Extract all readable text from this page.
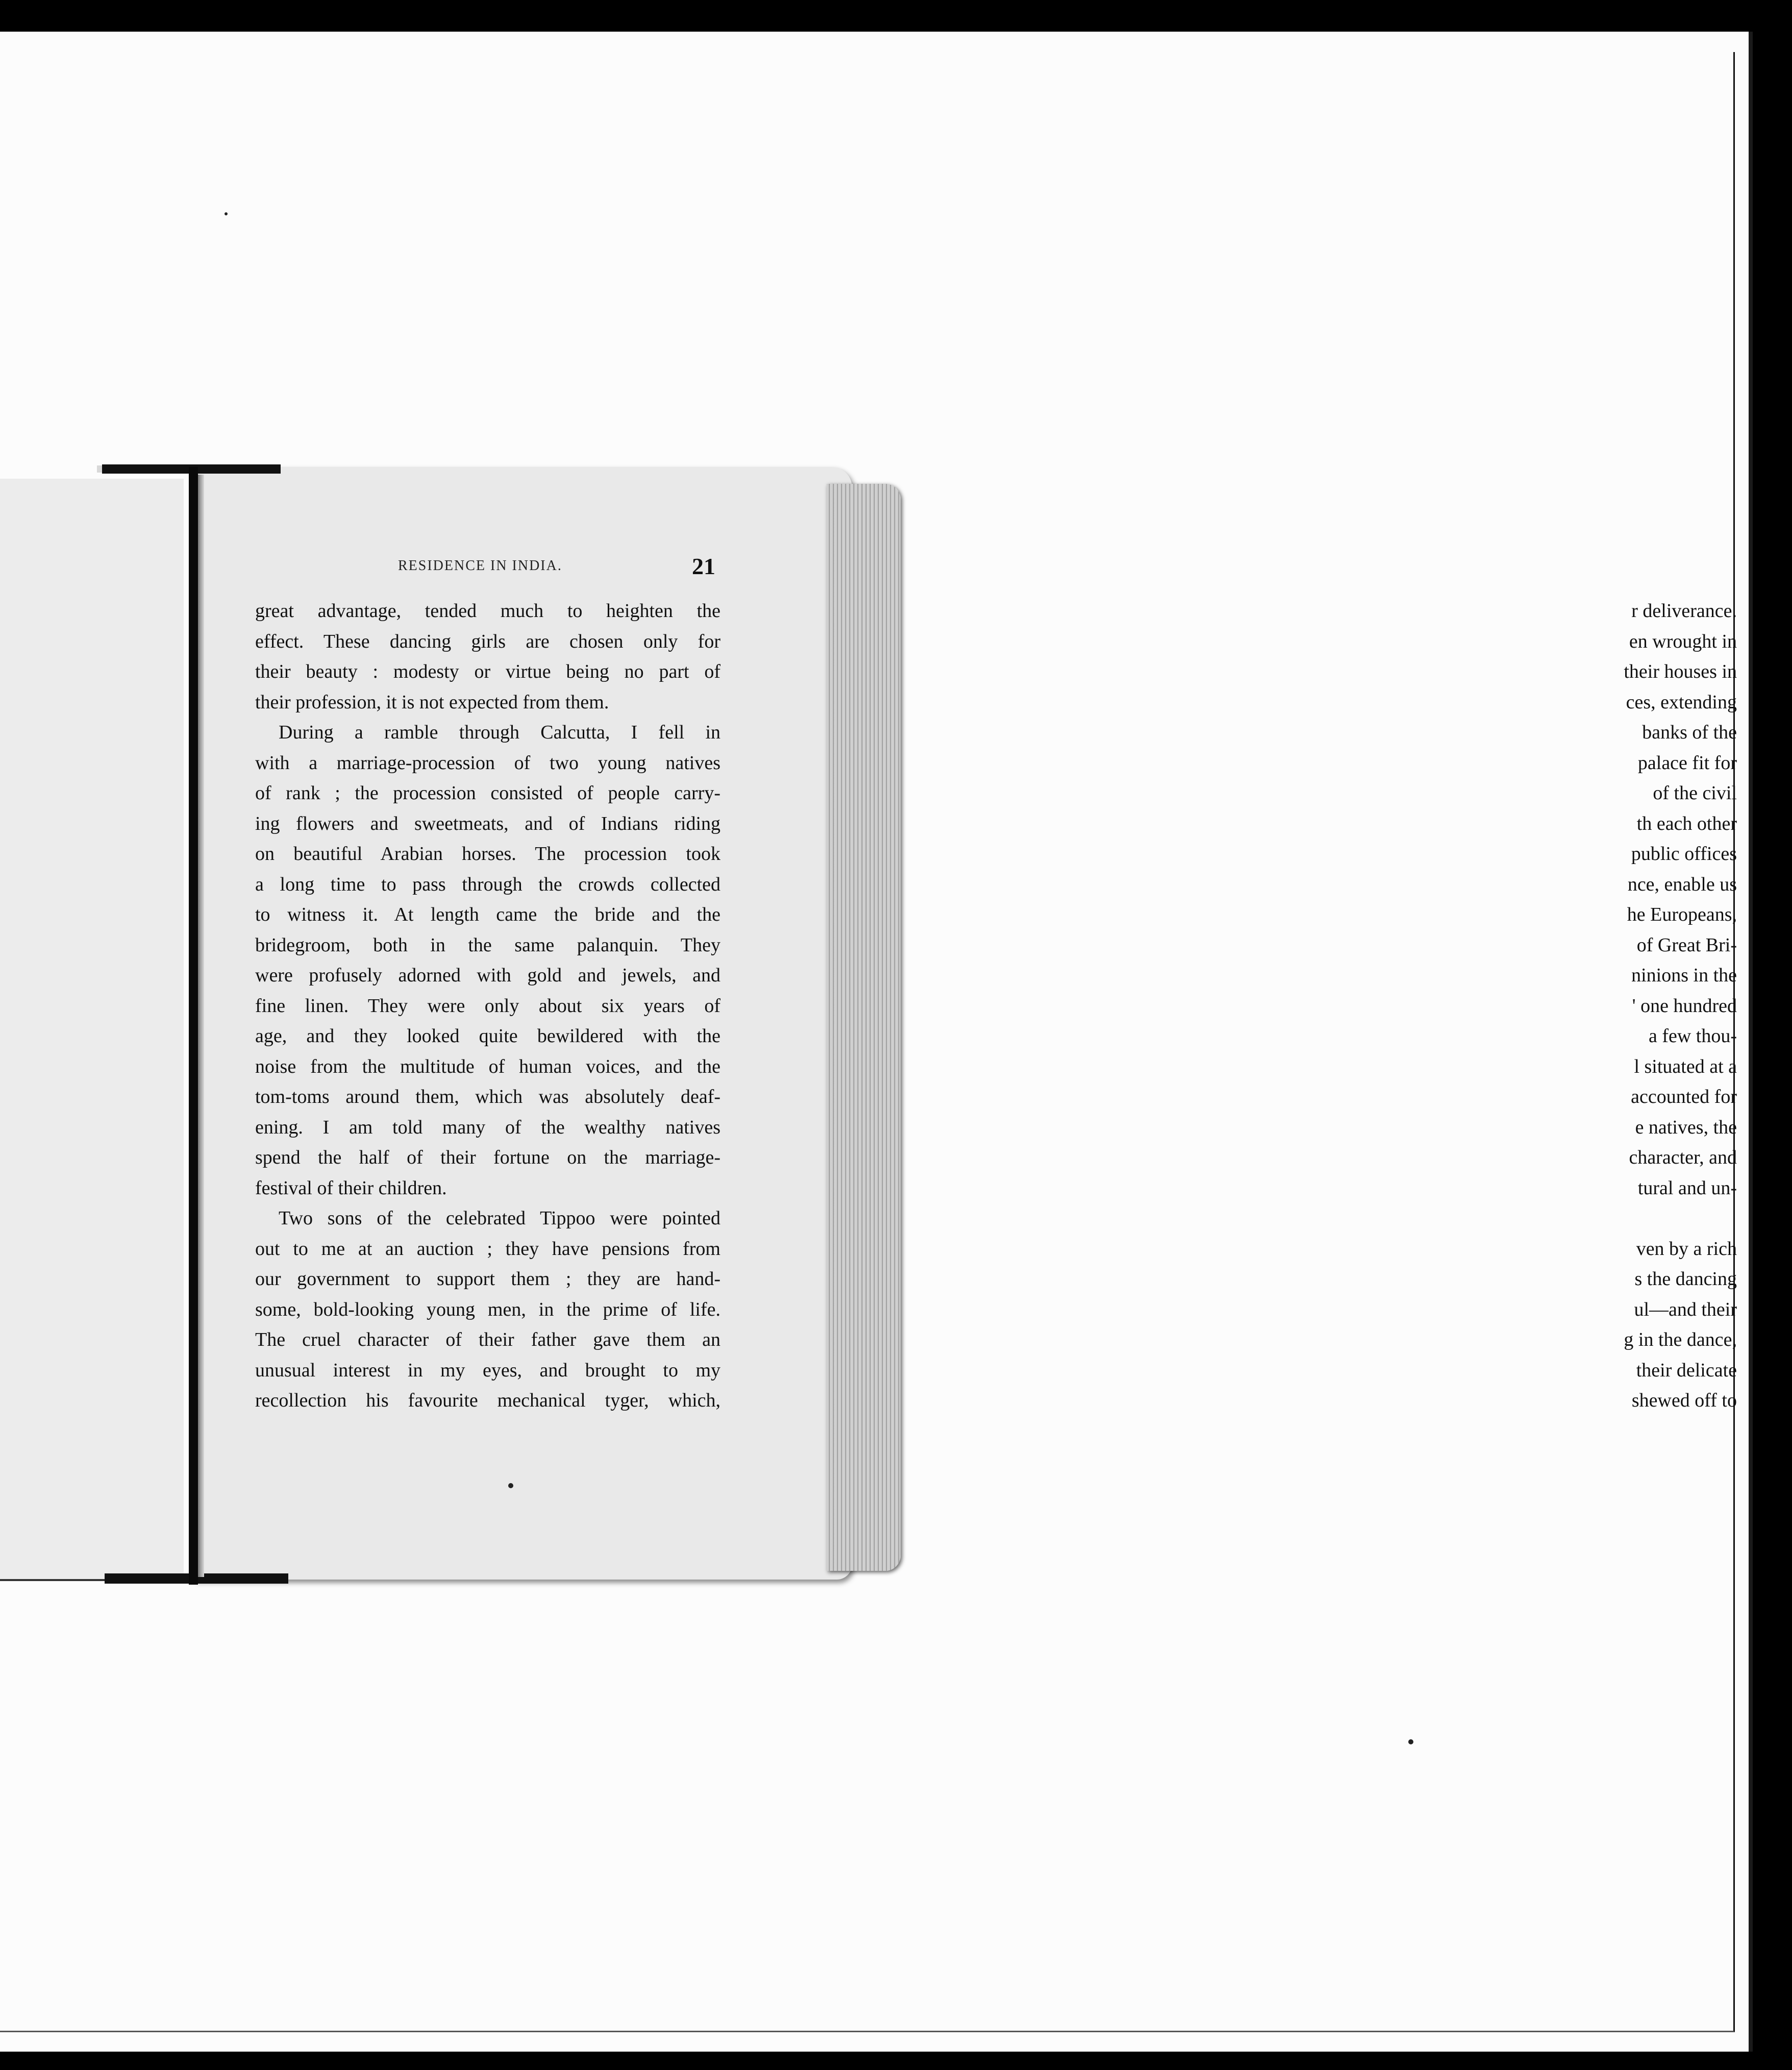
r deliverance.
en wrought in
their houses in
ces, extending
banks of the
palace fit for
of the civil
th each other
public offices
nce, enable us
he Europeans,
of Great Bri-
ninions in the
' one hundred
a few thou-
l situated at a
accounted for
e natives, the
character, and
tural and un-
ven by a rich
s the dancing
ul—and their
g in the dance,
their delicate
shewed off to
RESIDENCE IN INDIA.	21
great advantage, tended much to heighten the
effect. These dancing girls are chosen only for
their beauty : modesty or virtue being no part of
their profession, it is not expected from them.
During a ramble through Calcutta, I fell in
with a marriage-procession of two young natives
of rank ; the procession consisted of people carry-
ing flowers and sweetmeats, and of Indians riding
on beautiful Arabian horses. The procession took
a long time to pass through the crowds collected
to witness it. At length came the bride and the
bridegroom, both in the same palanquin. They
were profusely adorned with gold and jewels, and
fine linen. They were only about six years of
age, and they looked quite bewildered with the
noise from the multitude of human voices, and the
tom-toms around them, which was absolutely deaf-
ening. I am told many of the wealthy natives
spend the half of their fortune on the marriage-
festival of their children.
Two sons of the celebrated Tippoo were pointed
out to me at an auction ; they have pensions from
our government to support them ; they are hand-
some, bold-looking young men, in the prime of life.
The cruel character of their father gave them an
unusual interest in my eyes, and brought to my
recollection his favourite mechanical tyger, which,
